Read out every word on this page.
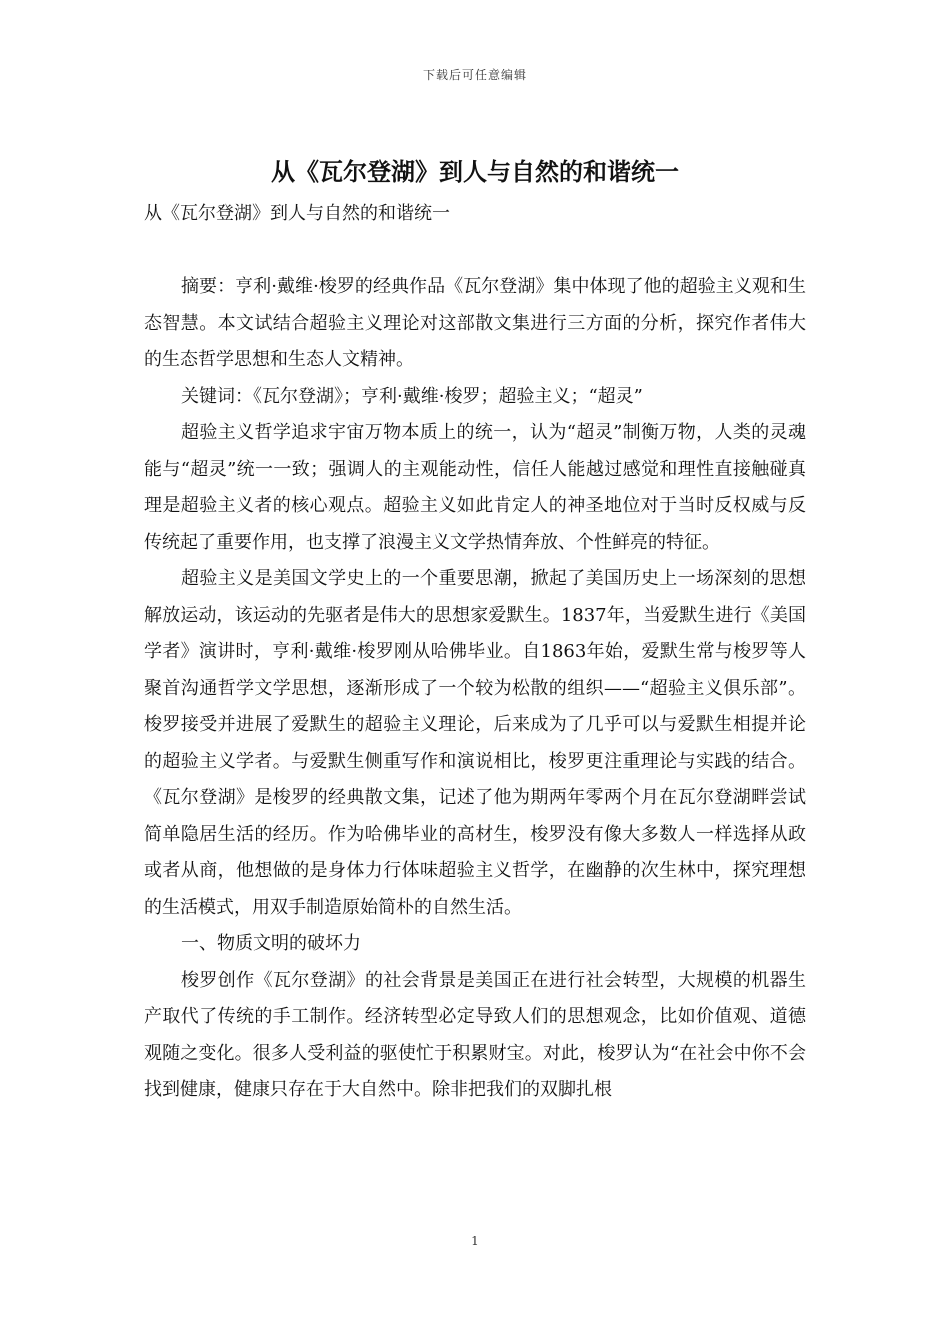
下载后可任意编辑
从《瓦尔登湖》到人与自然的和谐统一

从《瓦尔登湖》到人与自然的和谐统一

摘要：亨利·戴维·梭罗的经典作品《瓦尔登湖》集中体现了他的超验主义观和生态智慧。本文试结合超验主义理论对这部散文集进行三方面的分析，探究作者伟大的生态哲学思想和生态人文精神。

关键词：《瓦尔登湖》；亨利·戴维·梭罗；超验主义；“超灵”

超验主义哲学追求宇宙万物本质上的统一，认为“超灵”制衡万物，人类的灵魂能与“超灵”统一一致；强调人的主观能动性，信任人能越过感觉和理性直接触碰真理是超验主义者的核心观点。超验主义如此肯定人的神圣地位对于当时反权威与反传统起了重要作用，也支撑了浪漫主义文学热情奔放、个性鲜亮的特征。

超验主义是美国文学史上的一个重要思潮，掀起了美国历史上一场深刻的思想解放运动，该运动的先驱者是伟大的思想家爱默生。1837年，当爱默生进行《美国学者》演讲时，亨利·戴维·梭罗刚从哈佛毕业。自1863年始，爱默生常与梭罗等人聚首沟通哲学文学思想，逐渐形成了一个较为松散的组织——“超验主义俱乐部”。梭罗接受并进展了爱默生的超验主义理论，后来成为了几乎可以与爱默生相提并论的超验主义学者。与爱默生侧重写作和演说相比，梭罗更注重理论与实践的结合。《瓦尔登湖》是梭罗的经典散文集，记述了他为期两年零两个月在瓦尔登湖畔尝试简单隐居生活的经历。作为哈佛毕业的高材生，梭罗没有像大多数人一样选择从政或者从商，他想做的是身体力行体味超验主义哲学，在幽静的次生林中，探究理想的生活模式，用双手制造原始简朴的自然生活。

一、物质文明的破坏力

梭罗创作《瓦尔登湖》的社会背景是美国正在进行社会转型，大规模的机器生产取代了传统的手工制作。经济转型必定导致人们的思想观念，比如价值观、道德观随之变化。很多人受利益的驱使忙于积累财宝。对此，梭罗认为“在社会中你不会找到健康，健康只存在于大自然中。除非把我们的双脚扎根

1
